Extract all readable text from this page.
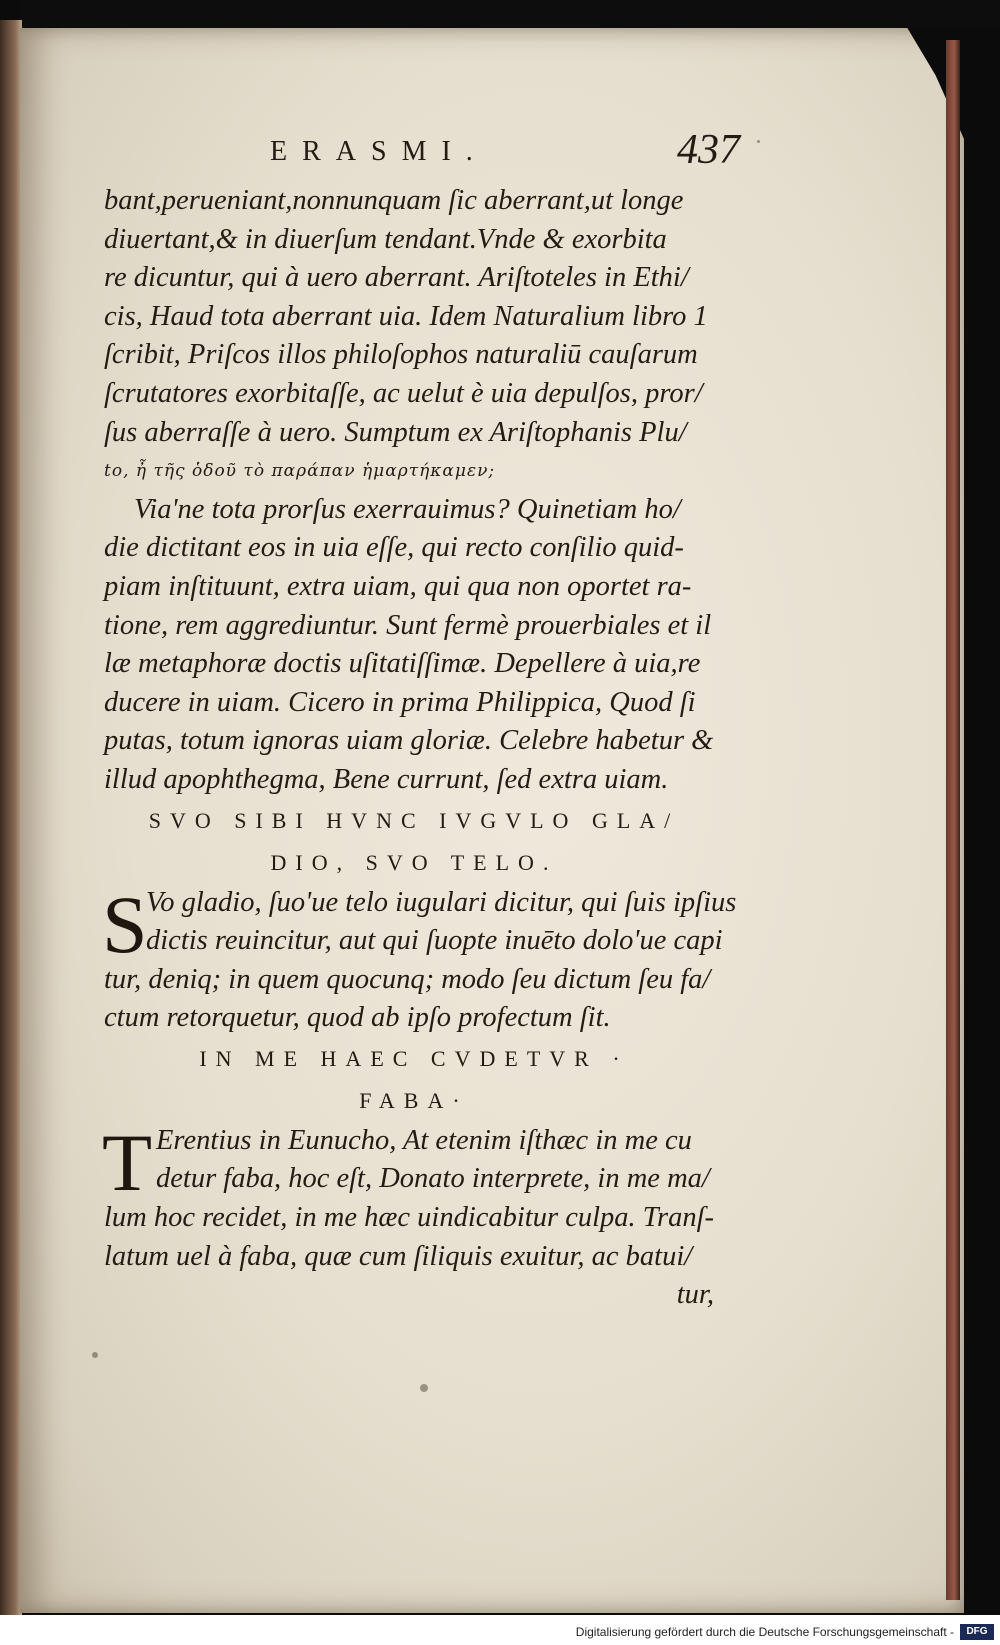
ERASMI.	437
bant,perueniant,nonnunquam ſic aberrant,ut longe
diuertant,& in diuerſum tendant.Vnde & exorbita
re dicuntur, qui à uero aberrant. Ariſtoteles in Ethi/
cis, Haud tota aberrant uia. Idem Naturalium libro 1
ſcribit, Priſcos illos philoſophos naturaliū cauſarum
ſcrutatores exorbitaſſe, ac uelut è uia depulſos, pror/
ſus aberraſſe à uero. Sumptum ex Ariſtophanis Plu/
to, ἦ τῆς ὁδοῦ τὸ παράπαν ἡμαρτήκαμεν;
Via'ne tota prorſus exerrauimus? Quinetiam ho/
die dictitant eos in uia eſſe, qui recto conſilio quid-
piam inſtituunt, extra uiam, qui qua non oportet ra-
tione, rem aggrediuntur. Sunt fermè prouerbiales et il
læ metaphoræ doctis uſitatiſſimæ. Depellere à uia,re
ducere in uiam. Cicero in prima Philippica, Quod ſi
putas, totum ignoras uiam gloriæ. Celebre habetur &
illud apophthegma, Bene currunt, ſed extra uiam.
SVO SIBI HVNC IVGVLO GLA/
DIO, SVO TELO.
S
Vo gladio, ſuo'ue telo iugulari dicitur, qui ſuis ipſius
dictis reuincitur, aut qui ſuopte inuēto dolo'ue capi
tur, deniq; in quem quocunq; modo ſeu dictum ſeu fa/
ctum retorquetur, quod ab ipſo profectum ſit.
IN ME HAEC CVDETVR ·
FABA·
T Erentius in Eunucho, At etenim iſthæc in me cu
detur faba, hoc eſt, Donato interprete, in me ma/
lum hoc recidet, in me hæc uindicabitur culpa. Tranſ-
latum uel à faba, quæ cum ſiliquis exuitur, ac batui/
tur,
Digitalisierung gefördert durch die Deutsche Forschungsgemeinschaft -	DFG
